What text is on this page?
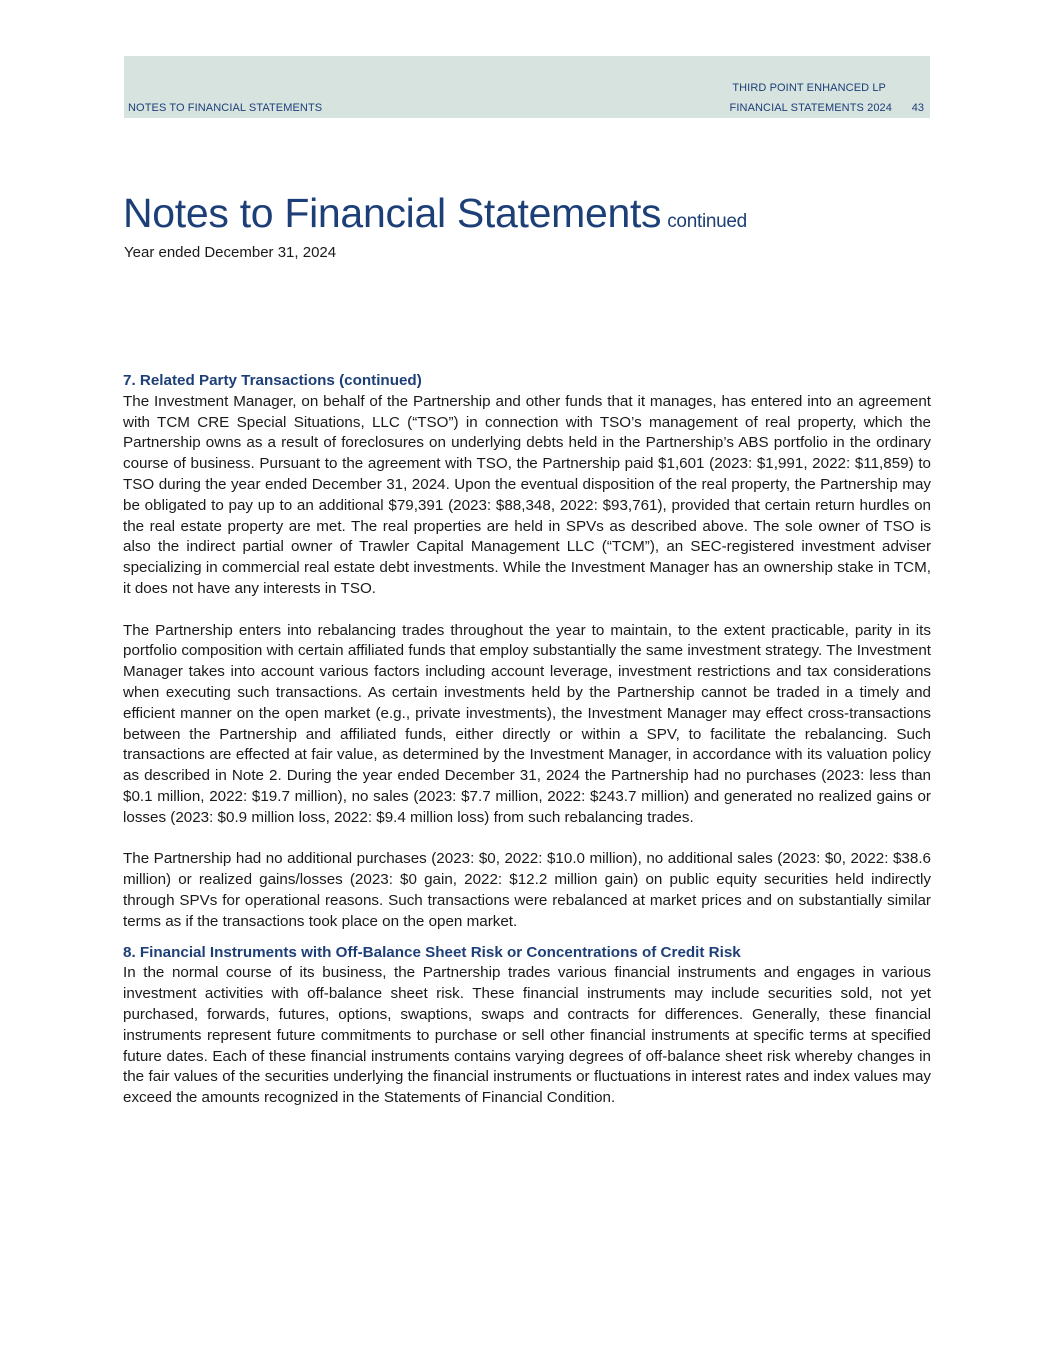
NOTES TO FINANCIAL STATEMENTS
THIRD POINT ENHANCED LP
FINANCIAL STATEMENTS 2024 43
Notes to Financial Statements continued
Year ended December 31, 2024
7. Related Party Transactions (continued)

The Investment Manager, on behalf of the Partnership and other funds that it manages, has entered into an agreement with TCM CRE Special Situations, LLC (“TSO”) in connection with TSO’s management of real property, which the Partnership owns as a result of foreclosures on underlying debts held in the Partnership’s ABS portfolio in the ordinary course of business. Pursuant to the agreement with TSO, the Partnership paid $1,601 (2023: $1,991, 2022: $11,859) to TSO during the year ended December 31, 2024. Upon the eventual disposition of the real property, the Partnership may be obligated to pay up to an additional $79,391 (2023: $88,348, 2022: $93,761), provided that certain return hurdles on the real estate property are met. The real properties are held in SPVs as described above. The sole owner of TSO is also the indirect partial owner of Trawler Capital Management LLC (“TCM”), an SEC-registered investment adviser specializing in commercial real estate debt investments. While the Investment Manager has an ownership stake in TCM, it does not have any interests in TSO.

The Partnership enters into rebalancing trades throughout the year to maintain, to the extent practicable, parity in its portfolio composition with certain affiliated funds that employ substantially the same investment strategy. The Investment Manager takes into account various factors including account leverage, investment restrictions and tax considerations when executing such transactions. As certain investments held by the Partnership cannot be traded in a timely and efficient manner on the open market (e.g., private investments), the Investment Manager may effect cross-transactions between the Partnership and affiliated funds, either directly or within a SPV, to facilitate the rebalancing. Such transactions are effected at fair value, as determined by the Investment Manager, in accordance with its valuation policy as described in Note 2. During the year ended December 31, 2024 the Partnership had no purchases (2023: less than $0.1 million, 2022: $19.7 million), no sales (2023: $7.7 million, 2022: $243.7 million) and generated no realized gains or losses (2023: $0.9 million loss, 2022: $9.4 million loss) from such rebalancing trades.

The Partnership had no additional purchases (2023: $0, 2022: $10.0 million), no additional sales (2023: $0, 2022: $38.6 million) or realized gains/losses (2023: $0 gain, 2022: $12.2 million gain) on public equity securities held indirectly through SPVs for operational reasons. Such transactions were rebalanced at market prices and on substantially similar terms as if the transactions took place on the open market.

8. Financial Instruments with Off-Balance Sheet Risk or Concentrations of Credit Risk

In the normal course of its business, the Partnership trades various financial instruments and engages in various investment activities with off-balance sheet risk. These financial instruments may include securities sold, not yet purchased, forwards, futures, options, swaptions, swaps and contracts for differences. Generally, these financial instruments represent future commitments to purchase or sell other financial instruments at specific terms at specified future dates. Each of these financial instruments contains varying degrees of off-balance sheet risk whereby changes in the fair values of the securities underlying the financial instruments or fluctuations in interest rates and index values may exceed the amounts recognized in the Statements of Financial Condition.
